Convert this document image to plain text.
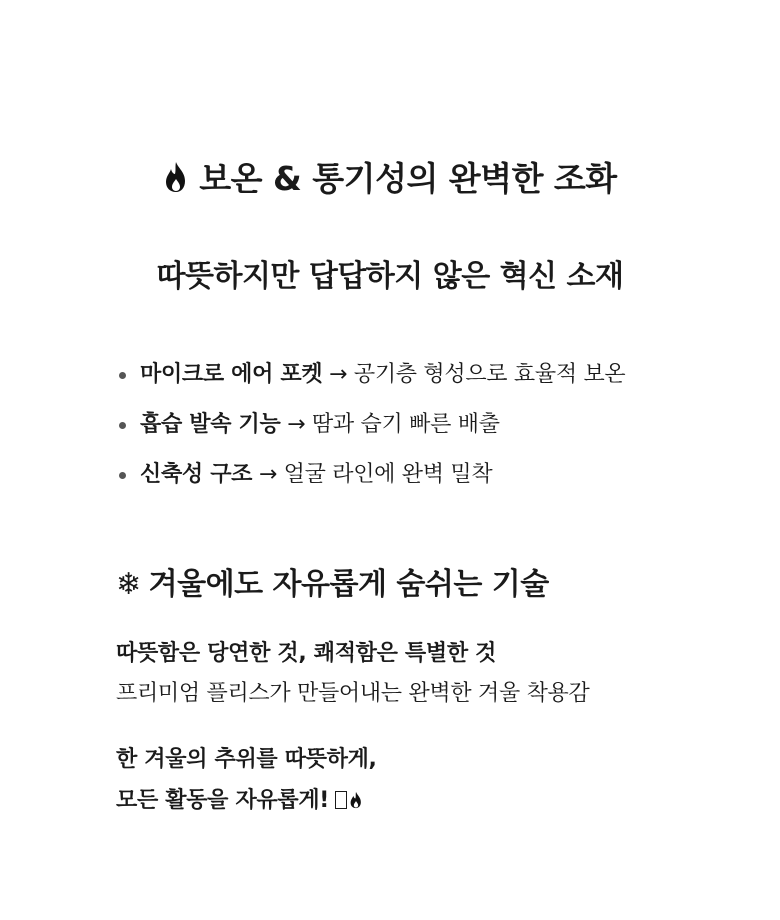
보온 & 통기성의 완벽한 조화
따뜻하지만 답답하지 않은 혁신 소재
마이크로 에어 포켓 → 공기층 형성으로 효율적 보온
흡습 발속 기능 → 땀과 습기 빠른 배출
신축성 구조 → 얼굴 라인에 완벽 밀착
❄ 겨울에도 자유롭게 숨쉬는 기술
따뜻함은 당연한 것, 쾌적함은 특별한 것
프리미엄 플리스가 만들어내는 완벽한 겨울 착용감
한 겨울의 추위를 따뜻하게,
모든 활동을 자유롭게!
